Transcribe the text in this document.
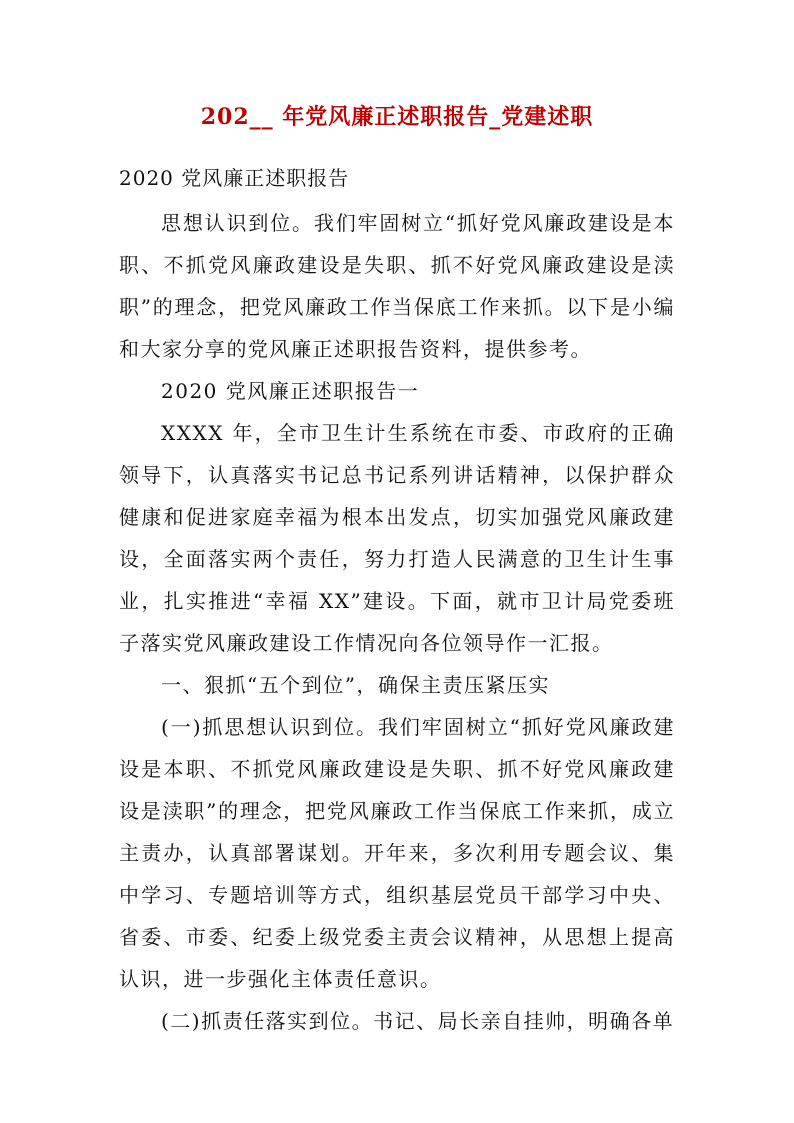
202__ 年党风廉正述职报告_党建述职
2020 党风廉正述职报告

思想认识到位。我们牢固树立“抓好党风廉政建设是本职、不抓党风廉政建设是失职、抓不好党风廉政建设是渎职”的理念，把党风廉政工作当保底工作来抓。以下是小编和大家分享的党风廉正述职报告资料，提供参考。

2020 党风廉正述职报告一

XXXX 年，全市卫生计生系统在市委、市政府的正确领导下，认真落实书记总书记系列讲话精神，以保护群众健康和促进家庭幸福为根本出发点，切实加强党风廉政建设，全面落实两个责任，努力打造人民满意的卫生计生事业，扎实推进“幸福 XX”建设。下面，就市卫计局党委班子落实党风廉政建设工作情况向各位领导作一汇报。

一、狠抓“五个到位”，确保主责压紧压实

(一)抓思想认识到位。我们牢固树立“抓好党风廉政建设是本职、不抓党风廉政建设是失职、抓不好党风廉政建设是渎职”的理念，把党风廉政工作当保底工作来抓，成立主责办，认真部署谋划。开年来，多次利用专题会议、集中学习、专题培训等方式，组织基层党员干部学习中央、省委、市委、纪委上级党委主责会议精神，从思想上提高认识，进一步强化主体责任意识。

(二)抓责任落实到位。书记、局长亲自挂帅，明确各单
